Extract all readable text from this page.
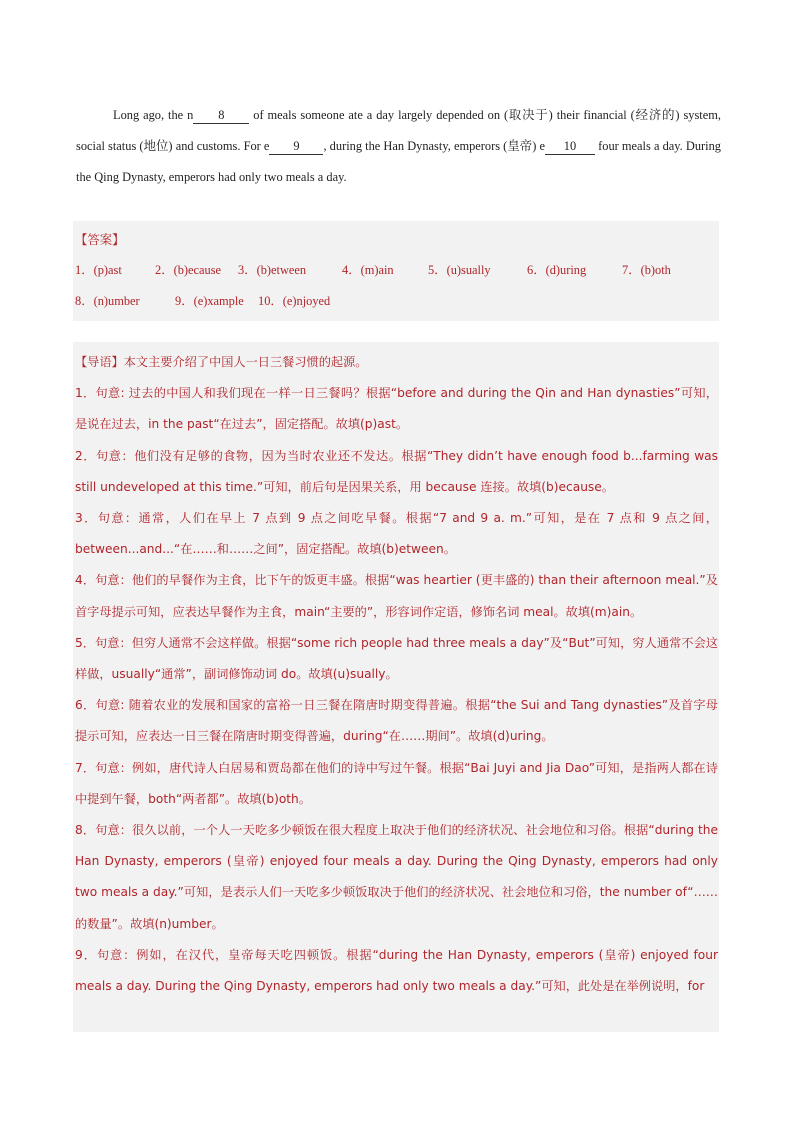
Long ago, the n 8 of meals someone ate a day largely depended on (取决于) their financial (经济的) system, social status (地位) and customs. For e 9 , during the Han Dynasty, emperors (皇帝) e 10 four meals a day. During the Qing Dynasty, emperors had only two meals a day.
【答案】
1．(p)ast	2．(b)ecause 3．(b)etween	4．(m)ain	5．(u)sually	6．(d)uring	7．(b)oth
8．(n)umber	9．(e)xample 10．(e)njoyed

【导语】本文主要介绍了中国人一日三餐习惯的起源。

1．句意: 过去的中国人和我们现在一样一日三餐吗？根据“before and during the Qin and Han dynasties”可知，是说在过去，in the past“在过去”，固定搭配。故填(p)ast。

2．句意：他们没有足够的食物，因为当时农业还不发达。根据“They didn’t have enough food b...farming was still undeveloped at this time.”可知，前后句是因果关系，用 because 连接。故填(b)ecause。

3．句意：通常，人们在早上 7 点到 9 点之间吃早餐。根据“7 and 9 a. m.”可知，是在 7 点和 9 点之间，between...and...“在……和……之间”，固定搭配。故填(b)etween。

4．句意：他们的早餐作为主食，比下午的饭更丰盛。根据“was heartier (更丰盛的) than their afternoon meal.”及首字母提示可知，应表达早餐作为主食，main“主要的”，形容词作定语，修饰名词 meal。故填(m)ain。

5．句意：但穷人通常不会这样做。根据“some rich people had three meals a day”及“But”可知，穷人通常不会这样做，usually“通常”，副词修饰动词 do。故填(u)sually。

6．句意: 随着农业的发展和国家的富裕一日三餐在隋唐时期变得普遍。根据“the Sui and Tang dynasties”及首字母提示可知，应表达一日三餐在隋唐时期变得普遍，during“在……期间”。故填(d)uring。

7．句意：例如，唐代诗人白居易和贾岛都在他们的诗中写过午餐。根据“Bai Juyi and Jia Dao”可知，是指两人都在诗中提到午餐，both“两者都”。故填(b)oth。

8．句意：很久以前，一个人一天吃多少顿饭在很大程度上取决于他们的经济状况、社会地位和习俗。根据“during the Han Dynasty, emperors (皇帝) enjoyed four meals a day. During the Qing Dynasty, emperors had only two meals a day.”可知，是表示人们一天吃多少顿饭取决于他们的经济状况、社会地位和习俗，the number of“……的数量”。故填(n)umber。

9．句意：例如，在汉代，皇帝每天吃四顿饭。根据“during the Han Dynasty, emperors (皇帝) enjoyed four meals a day. During the Qing Dynasty, emperors had only two meals a day.”可知，此处是在举例说明，for
